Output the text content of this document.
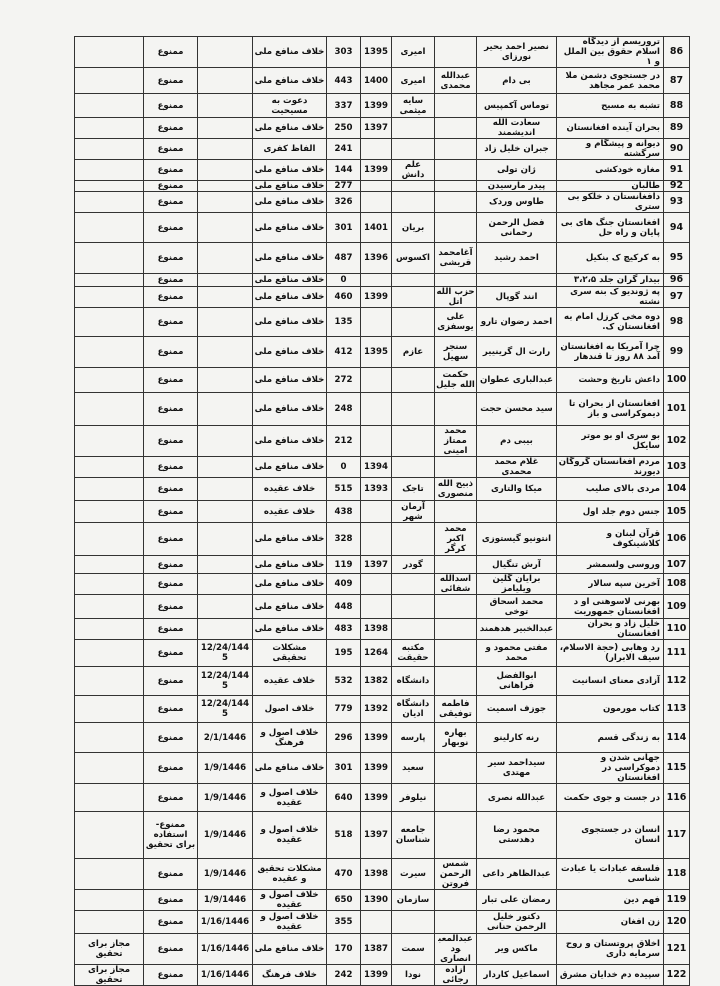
86	تروریسم از دیدگاه اسلام حقوق بین الملل و ۱	نصیر احمد بحیر نورزای		امیری	1395	303	خلاف منافع ملی		ممنوع	
87	در جستجوی دشمن ملا محمد عمر مجاهد	بی دام	عبدالله محمدی	امیری	1400	443	خلاف منافع ملی		ممنوع	
88	تشبه به مسیح	توماس آکمپیس		سایه میثمی	1399	337	دعوت به مسیحیت		ممنوع	
89	بحران آینده افغانستان	سعادت الله اندیشمند			1397	250	خلاف منافع ملی		ممنوع	
90	دیوانه و پیشگام و سرگشته	جبران خلیل زاد				241	الفاظ کفری		ممنوع	
91	مغازه خودکشی	ژان تولی		علم دانش	1399	144	خلاف منافع ملی		ممنوع	
92	طالبان	پیدر مارسیدن				277	خلاف منافع ملی		ممنوع	
93	دافغانستان د خلکو بی ستری	طاوس وردک				326	خلاف منافع ملی		ممنوع	
94	افغانستان جنگ های بی پایان و راه حل	فضل الرحمن رحمانی		بریان	1401	301	خلاف منافع ملی		ممنوع	
95	به کرکیچ ک بنکیل	احمد رشید	آغامحمد قریشی	اکسوس	1396	487	خلاف منافع ملی		ممنوع	
96	بیدار گران جلد ۳،۲،۵					0	خلاف منافع ملی		ممنوع	
97	په ژوندیو ک بنه سری نشته	انند گوپال	حزب الله اتل		1399	460	خلاف منافع ملی		ممنوع	
98	دوه مخی کرزل امام به افغانستان ک.	احمد رضوان تارو	علی یوسفزی			135	خلاف منافع ملی		ممنوع	
99	چرا آمریکا به افغانستان آمد ۸۸ روز تا قندهار	رارت ال گرینییر	سنجر سهیل	عازم	1395	412	خلاف منافع ملی		ممنوع	
100	داعش تاریخ وحشت	عبدالباری عطوان	حکمت الله جلیل			272	خلاف منافع ملی		ممنوع	
101	افغانستان از بحران تا دیموکراسی و باز	سید محسن حجت				248	خلاف منافع ملی		ممنوع	
102	بو سری او بو موتر سایکل	بیبی دم	محمد ممتاز امینی			212	خلاف منافع ملی		ممنوع	
103	مردم افغانستان گروگان دیورند	غلام محمد محمدی			1394	0	خلاف منافع ملی		ممنوع	
104	مردی بالای صلیب	میکا والتاری	ذبیح الله منصوری	تاجک	1393	515	خلاف عقیده		ممنوع	
105	جنس دوم جلد اول			آرمان شهر		438	خلاف عقیده		ممنوع	
106	قرآن لبنان و کلاشینکوف	انتونیو گیستوزی	محمد اکبر کرگر			328	خلاف منافع ملی		ممنوع	
107	وروسی ولسمشر	آرش تنگیال		گودر	1397	119	خلاف منافع ملی		ممنوع	
108	آخرین سپه سالار	برایان گلین ویلیامز	اسدالله شفائی			409	خلاف منافع ملی		ممنوع	
109	بهرنی لاسوهنی او د افغانستان جمهوریت	محمد اسحاق توخی				448	خلاف منافع ملی		ممنوع	
110	خلیل زاد و بحران افغانستان	عبدالخبیر هدهمند			1398	483	خلاف منافع ملی		ممنوع	
111	رد وهابی (حجة الاسلام، سیف الابرار)	مفتی محمود و محمد		مکتبه حقیقت	1264	195	مشکلات تحقیقی	12/24/1445	ممنوع	
112	آزادی معنای انسانیت	ابوالفضل فراهانی		دانشگاه	1382	532	خلاف عقیده	12/24/1445	ممنوع	
113	کتاب مورمون	جوزف اسمیت	فاطمه توفیقی	دانشگاه ادیان	1392	779	خلاف اصول	12/24/1445	ممنوع	
114	به زندگی قسم	رنه کارلینو	بهاره نوبهار	پارسه	1399	296	خلاف اصول و فرهنگ	2/1/1446	ممنوع	
115	جهانی شدن و دموکراسی در افغانستان	سیداحمد سیر مهتدی		سعید	1399	301	خلاف منافع ملی	1/9/1446	ممنوع	
116	در جست و جوی حکمت	عبدالله نصری		نیلوفر	1399	640	خلاف اصول و عقیده	1/9/1446	ممنوع	
117	انسان در جستجوی انسان	محمود رضا دهدستی		جامعه شناسان	1397	518	خلاف اصول و عقیده	1/9/1446	ممنوع- استفاده برای تحقیق	
118	فلسفه عبادات یا عبادت شناسی	عبدالظاهر داعی	شمس الرحمن فروتن	سیرت	1398	470	مشکلات تحقیق و عقیده	1/9/1446	ممنوع	
119	فهم دین	رمضان علی تبار		سازمان	1390	650	خلاف اصول و عقیده	1/9/1446	ممنوع	
120	زن افغان	دکتور خلیل الرحمن حنانی				355	خلاف اصول و عقیده	1/16/1446	ممنوع	
121	اخلاق پروتستان و روح سرمایه داری	ماکس ویر	عبدالمعبود انصاری	سمت	1387	170	خلاف منافع ملی	1/16/1446	ممنوع	مجاز برای تحقیق
122	سپیده دم خدایان مشرق	اسماعیل کاردار	آزاده رجائی	نودا	1399	242	خلاف فرهنگ	1/16/1446	ممنوع	مجاز برای تحقیق
